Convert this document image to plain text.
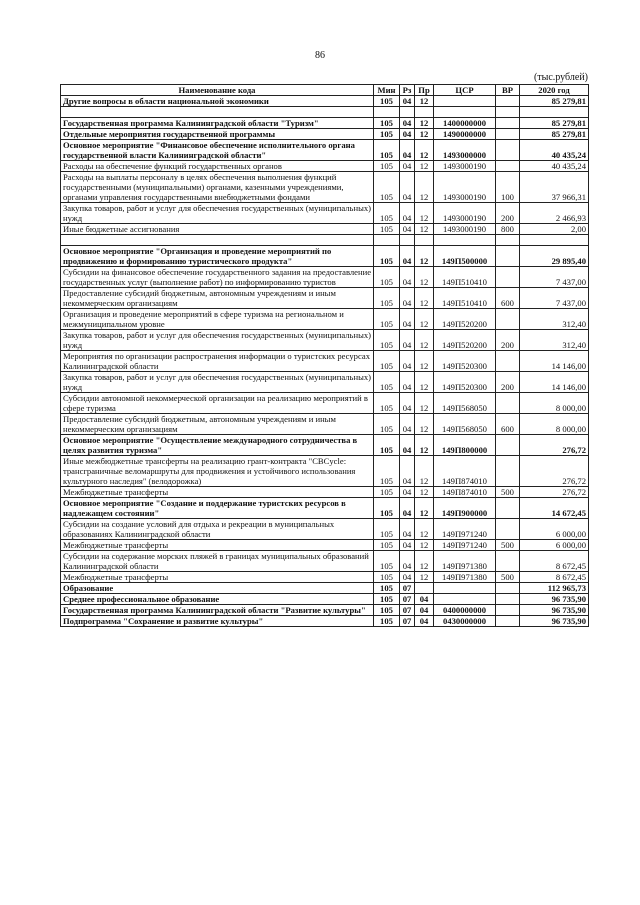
86
(тыс.рублей)
Наименование кода	Мин	Рз	Пр	ЦСР	ВР	2020 год
Другие вопросы в области национальной экономики	105	04	12			85 279,81

Государственная программа Калининградской области "Туризм"	105	04	12	1400000000		85 279,81
Отдельные мероприятия государственной программы	105	04	12	1490000000		85 279,81
Основное мероприятие "Финансовое обеспечение исполнительного органа государственной власти Калининградской области"	105	04	12	1493000000		40 435,24
Расходы на обеспечение функций государственных органов	105	04	12	1493000190		40 435,24
Расходы на выплаты персоналу в целях обеспечения выполнения функций государственными (муниципальными) органами, казенными учреждениями, органами управления государственными внебюджетными фондами	105	04	12	1493000190	100	37 966,31
Закупка товаров, работ и услуг для обеспечения государственных (муниципальных) нужд	105	04	12	1493000190	200	2 466,93
Иные бюджетные ассигнования	105	04	12	1493000190	800	2,00

Основное мероприятие "Организация и проведение мероприятий по продвижению и формированию туристического продукта"	105	04	12	149П500000		29 895,40
Субсидии на финансовое обеспечение государственного задания на предоставление государственных услуг (выполнение работ) по информированию туристов	105	04	12	149П510410		7 437,00
Предоставление субсидий бюджетным, автономным учреждениям и иным некоммерческим организациям	105	04	12	149П510410	600	7 437,00
Организация и проведение мероприятий в сфере туризма на региональном и межмуниципальном уровне	105	04	12	149П520200		312,40
Закупка товаров, работ и услуг для обеспечения государственных (муниципальных) нужд	105	04	12	149П520200	200	312,40
Мероприятия по организации распространения информации о туристских ресурсах Калининградской области	105	04	12	149П520300		14 146,00
Закупка товаров, работ и услуг для обеспечения государственных (муниципальных) нужд	105	04	12	149П520300	200	14 146,00
Субсидии автономной некоммерческой организации на реализацию мероприятий в сфере туризма	105	04	12	149П568050		8 000,00
Предоставление субсидий бюджетным, автономным учреждениям и иным некоммерческим организациям	105	04	12	149П568050	600	8 000,00
Основное мероприятие "Осуществление международного сотрудничества в целях развития туризма"	105	04	12	149П800000		276,72
Иные межбюджетные трансферты на реализацию грант-контракта "CBCycle: трансграничные веломаршруты для продвижения и устойчивого использования культурного наследия" (велодорожка)	105	04	12	149П874010		276,72
Межбюджетные трансферты	105	04	12	149П874010	500	276,72
Основное мероприятие "Создание и поддержание туристских ресурсов в надлежащем состоянии"	105	04	12	149П900000		14 672,45
Субсидии на создание условий для отдыха и рекреации в муниципальных образованиях Калининградской области	105	04	12	149П971240		6 000,00
Межбюджетные трансферты	105	04	12	149П971240	500	6 000,00
Субсидии на содержание морских пляжей в границах муниципальных образований Калининградской области	105	04	12	149П971380		8 672,45
Межбюджетные трансферты	105	04	12	149П971380	500	8 672,45
Образование	105	07				112 965,73
Среднее профессиональное образование	105	07	04			96 735,90
Государственная программа Калининградской области "Развитие культуры"	105	07	04	0400000000		96 735,90
Подпрограмма "Сохранение и развитие культуры"	105	07	04	0430000000		96 735,90
